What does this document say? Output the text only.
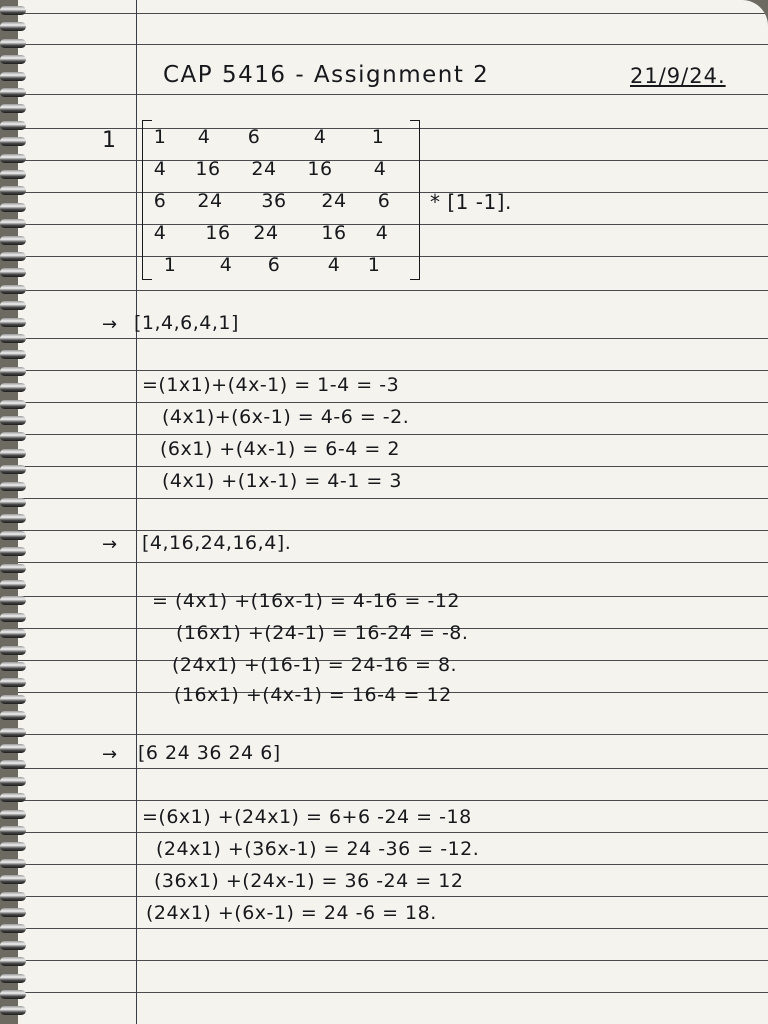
CAP 5416 - Assignment 2	21/9/24.
1	1	4	6	4	1
4	16	24	16	4
6	24	36	24	6
4	16	24	16	4
1	4	6	4	1
* [1 -1].
→ [1,4,6,4,1]
=(1x1)+(4x-1) = 1-4 = -3
(4x1)+(6x-1) = 4-6 = -2.
(6x1) +(4x-1) = 6-4 = 2
(4x1) +(1x-1) = 4-1 = 3
→ [4,16,24,16,4].
= (4x1) +(16x-1) = 4-16 = -12
(16x1) +(24-1) = 16-24 = -8.
(24x1) +(16-1) = 24-16 = 8.
(16x1) +(4x-1) = 16-4 = 12
→ [6 24 36 24 6]
=(6x1) +(24x1) = 6+6 -24 = -18
(24x1) +(36x-1) = 24 -36 = -12.
(36x1) +(24x-1) = 36 -24 = 12
(24x1) +(6x-1) = 24 -6 = 18.
